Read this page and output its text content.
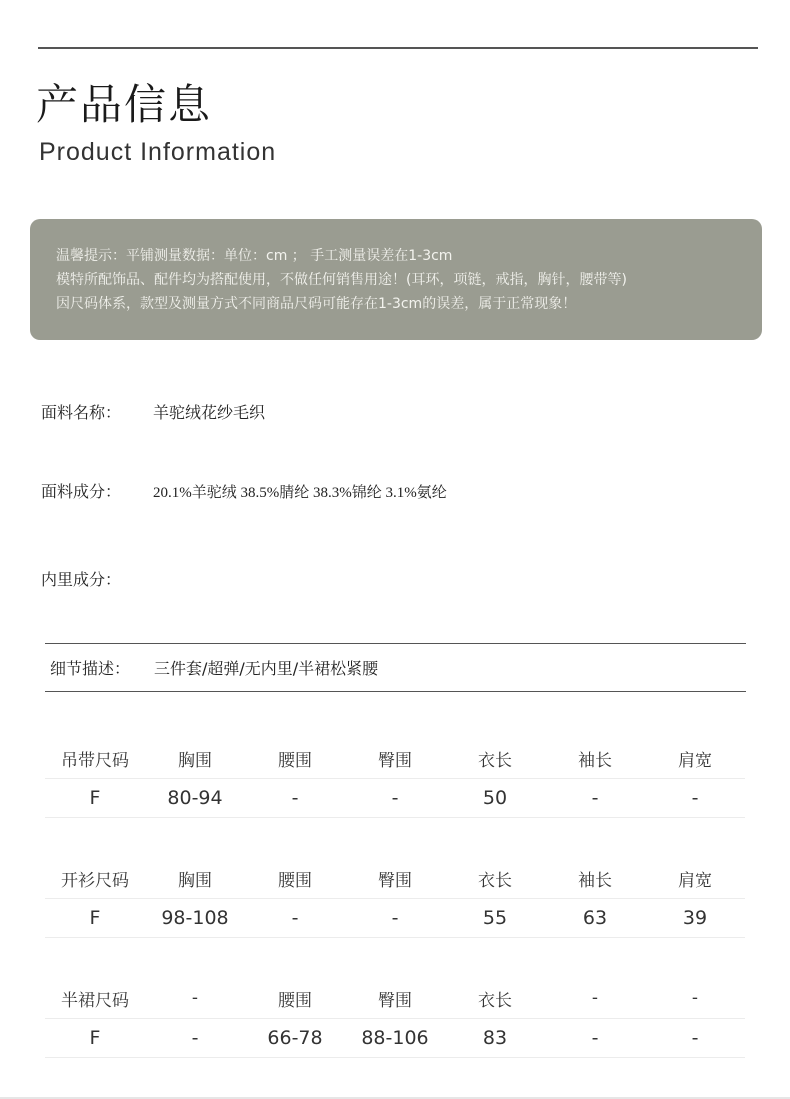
产品信息
Product Information
温馨提示：平铺测量数据：单位：cm ； 手工测量误差在1-3cm
模特所配饰品、配件均为搭配使用，不做任何销售用途！(耳环，项链，戒指，胸针，腰带等)
因尺码体系，款型及测量方式不同商品尺码可能存在1-3cm的误差，属于正常现象！
面料名称： 羊驼绒花纱毛织
面料成分： 20.1%羊驼绒 38.5%腈纶 38.3%锦纶 3.1%氨纶
内里成分：
细节描述： 三件套/超弹/无内里/半裙松紧腰
吊带尺码	胸围	腰围	臀围	衣长	袖长	肩宽
F	80-94	-	-	50	-	-
开衫尺码	胸围	腰围	臀围	衣长	袖长	肩宽
F	98-108	-	-	55	63	39
半裙尺码	-	腰围	臀围	衣长	-	-
F	-	66-78	88-106	83	-	-
